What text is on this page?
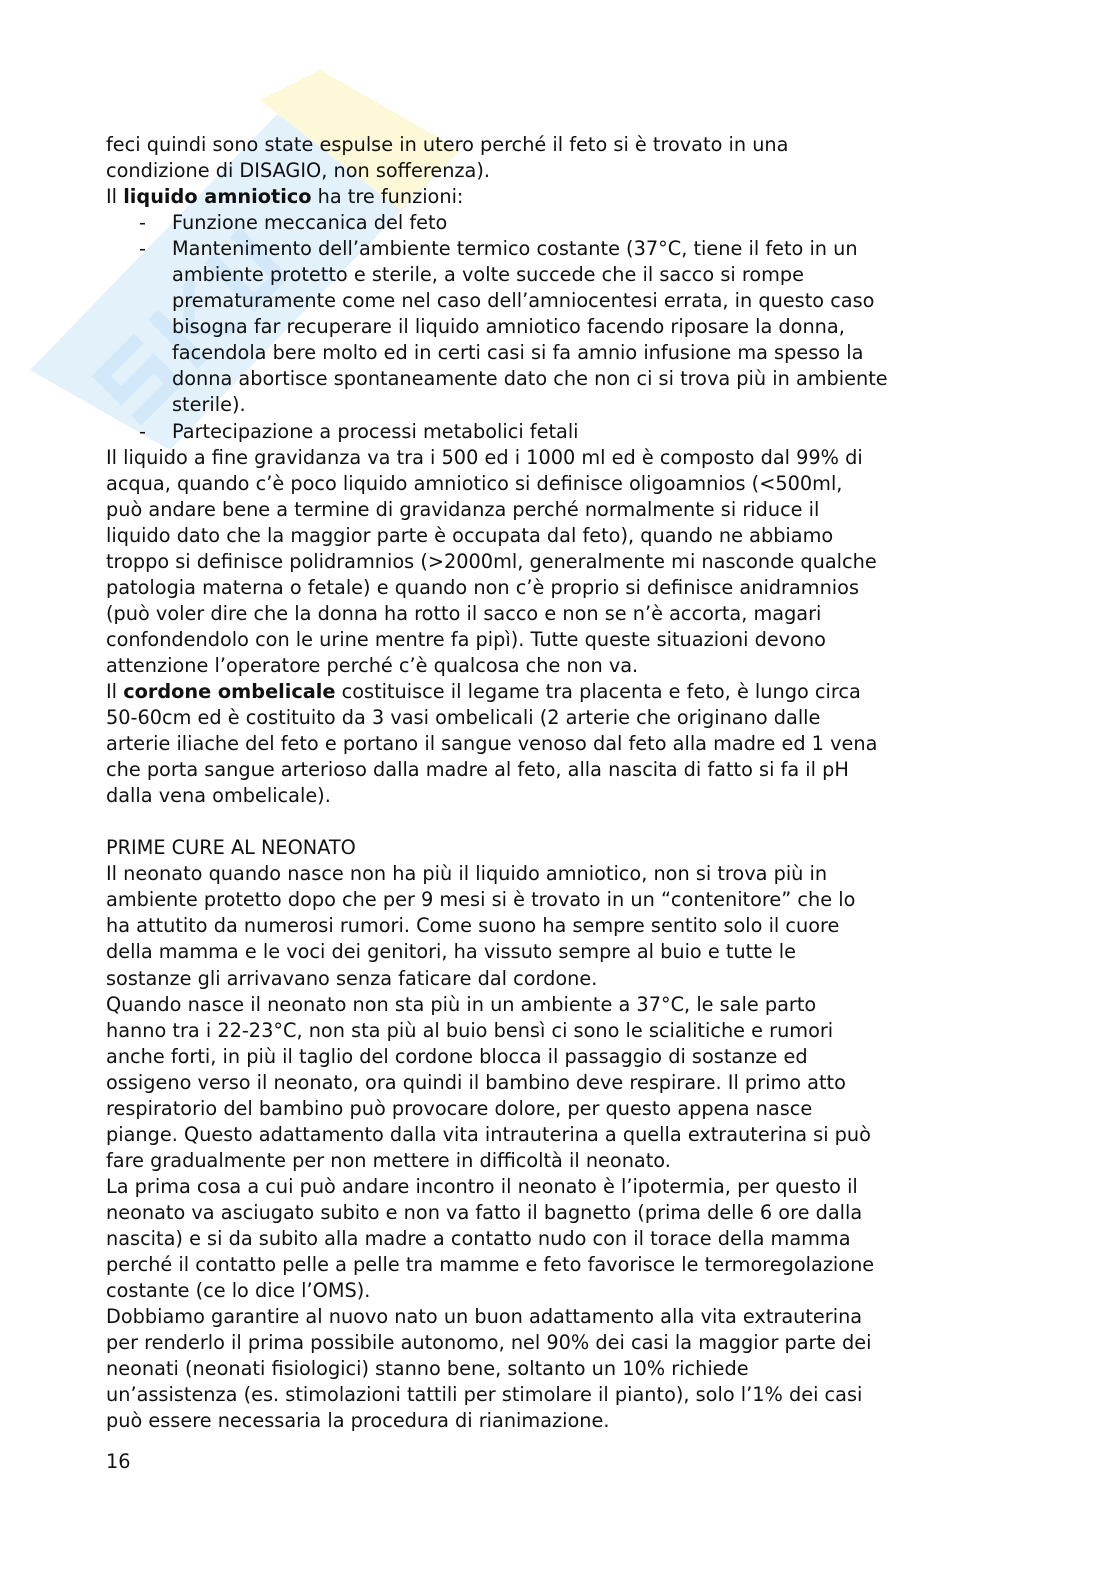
feci quindi sono state espulse in utero perché il feto si è trovato in una
condizione di DISAGIO, non sofferenza).
Il liquido amniotico ha tre funzioni:
- Funzione meccanica del feto
- Mantenimento dell’ambiente termico costante (37°C, tiene il feto in un
ambiente protetto e sterile, a volte succede che il sacco si rompe
prematuramente come nel caso dell’amniocentesi errata, in questo caso
bisogna far recuperare il liquido amniotico facendo riposare la donna,
facendola bere molto ed in certi casi si fa amnio infusione ma spesso la
donna abortisce spontaneamente dato che non ci si trova più in ambiente
sterile).
- Partecipazione a processi metabolici fetali
Il liquido a fine gravidanza va tra i 500 ed i 1000 ml ed è composto dal 99% di
acqua, quando c’è poco liquido amniotico si definisce oligoamnios (<500ml,
può andare bene a termine di gravidanza perché normalmente si riduce il
liquido dato che la maggior parte è occupata dal feto), quando ne abbiamo
troppo si definisce polidramnios (>2000ml, generalmente mi nasconde qualche
patologia materna o fetale) e quando non c’è proprio si definisce anidramnios
(può voler dire che la donna ha rotto il sacco e non se n’è accorta, magari
confondendolo con le urine mentre fa pipì). Tutte queste situazioni devono
attenzione l’operatore perché c’è qualcosa che non va.
Il cordone ombelicale costituisce il legame tra placenta e feto, è lungo circa
50-60cm ed è costituito da 3 vasi ombelicali (2 arterie che originano dalle
arterie iliache del feto e portano il sangue venoso dal feto alla madre ed 1 vena
che porta sangue arterioso dalla madre al feto, alla nascita di fatto si fa il pH
dalla vena ombelicale).
PRIME CURE AL NEONATO
Il neonato quando nasce non ha più il liquido amniotico, non si trova più in
ambiente protetto dopo che per 9 mesi si è trovato in un “contenitore” che lo
ha attutito da numerosi rumori. Come suono ha sempre sentito solo il cuore
della mamma e le voci dei genitori, ha vissuto sempre al buio e tutte le
sostanze gli arrivavano senza faticare dal cordone.
Quando nasce il neonato non sta più in un ambiente a 37°C, le sale parto
hanno tra i 22-23°C, non sta più al buio bensì ci sono le scialitiche e rumori
anche forti, in più il taglio del cordone blocca il passaggio di sostanze ed
ossigeno verso il neonato, ora quindi il bambino deve respirare. Il primo atto
respiratorio del bambino può provocare dolore, per questo appena nasce
piange. Questo adattamento dalla vita intrauterina a quella extrauterina si può
fare gradualmente per non mettere in difficoltà il neonato.
La prima cosa a cui può andare incontro il neonato è l’ipotermia, per questo il
neonato va asciugato subito e non va fatto il bagnetto (prima delle 6 ore dalla
nascita) e si da subito alla madre a contatto nudo con il torace della mamma
perché il contatto pelle a pelle tra mamme e feto favorisce le termoregolazione
costante (ce lo dice l’OMS).
Dobbiamo garantire al nuovo nato un buon adattamento alla vita extrauterina
per renderlo il prima possibile autonomo, nel 90% dei casi la maggior parte dei
neonati (neonati fisiologici) stanno bene, soltanto un 10% richiede
un’assistenza (es. stimolazioni tattili per stimolare il pianto), solo l’1% dei casi
può essere necessaria la procedura di rianimazione.
16
